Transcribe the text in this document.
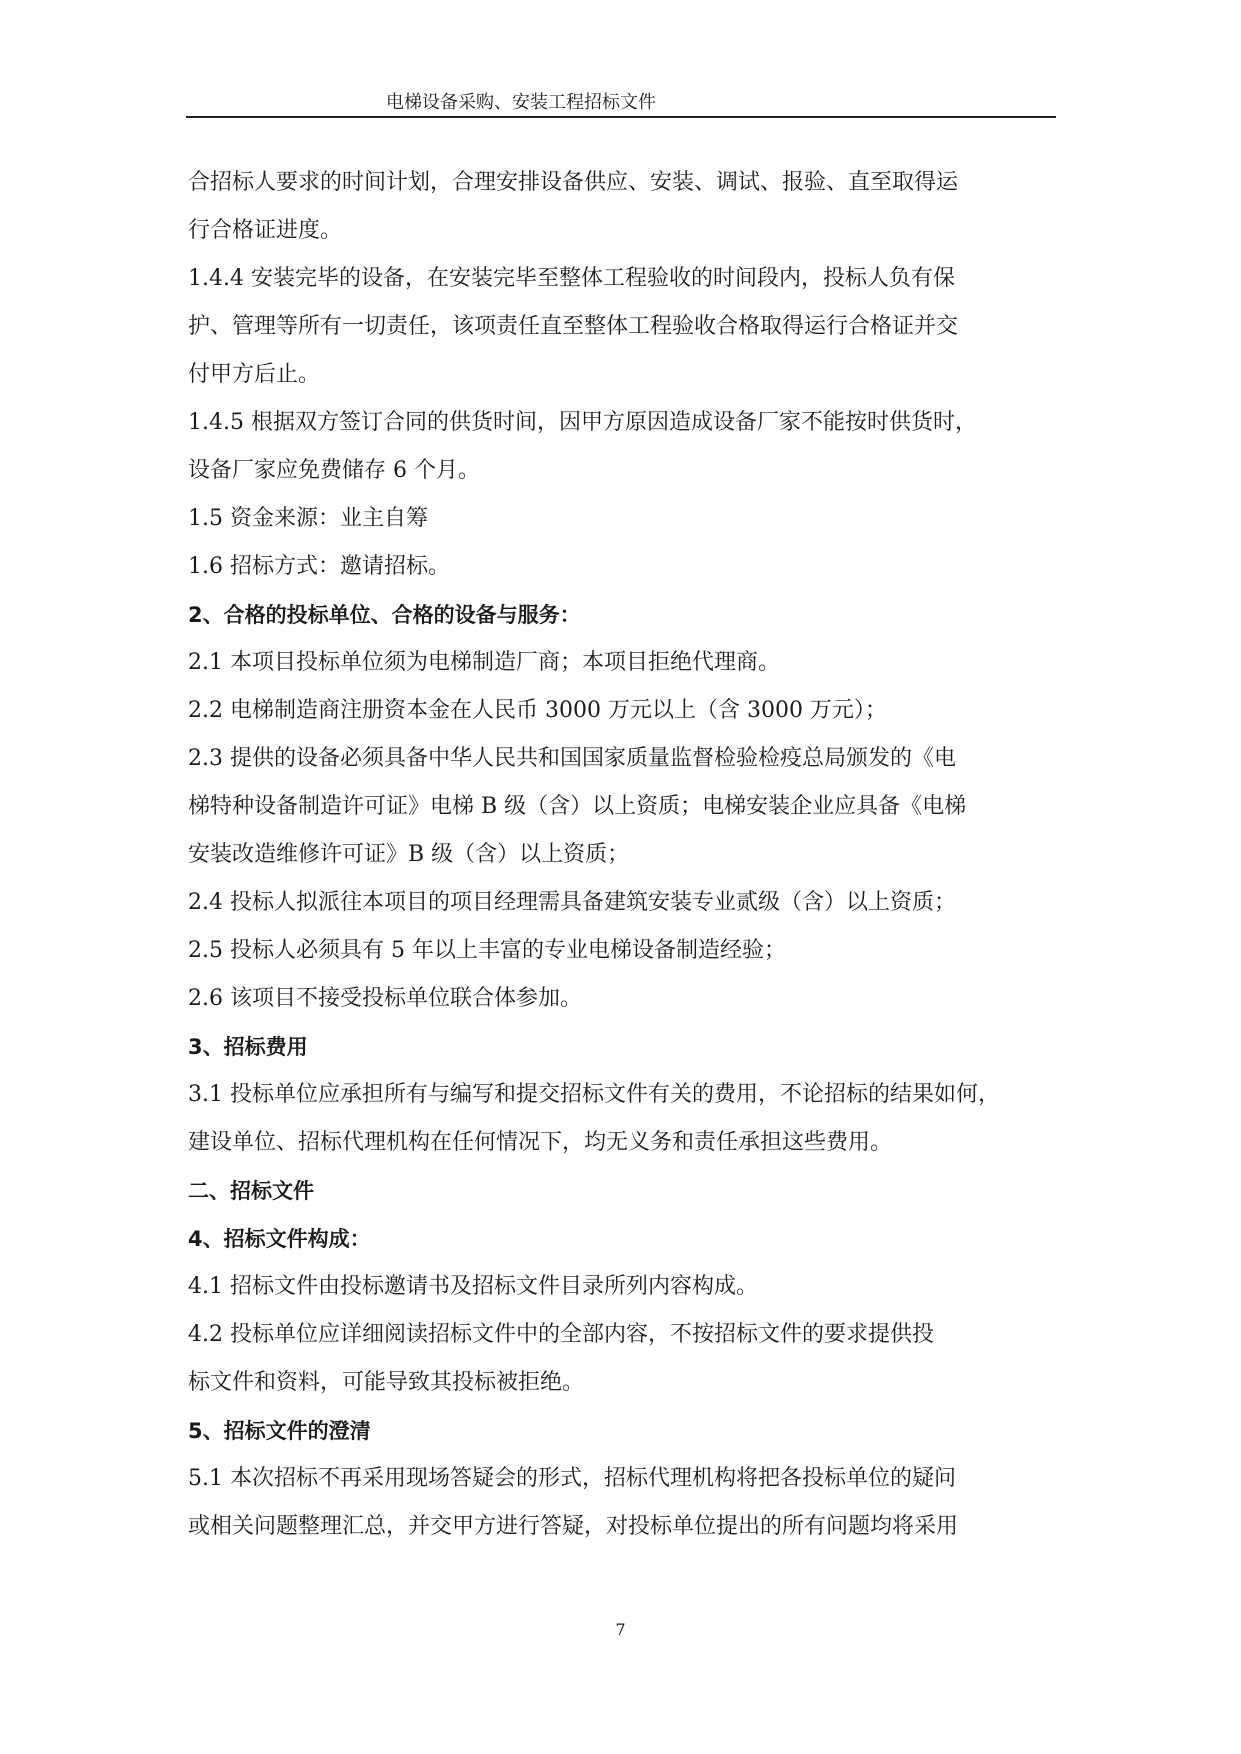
电梯设备采购、安装工程招标文件
合招标人要求的时间计划，合理安排设备供应、安装、调试、报验、直至取得运
行合格证进度。
1.4.4 安装完毕的设备，在安装完毕至整体工程验收的时间段内，投标人负有保
护、管理等所有一切责任，该项责任直至整体工程验收合格取得运行合格证并交
付甲方后止。
1.4.5 根据双方签订合同的供货时间，因甲方原因造成设备厂家不能按时供货时，
设备厂家应免费储存 6 个月。
1.5 资金来源：业主自筹
1.6 招标方式：邀请招标。
2、合格的投标单位、合格的设备与服务：
2.1 本项目投标单位须为电梯制造厂商；本项目拒绝代理商。
2.2 电梯制造商注册资本金在人民币 3000 万元以上（含 3000 万元）；
2.3 提供的设备必须具备中华人民共和国国家质量监督检验检疫总局颁发的《电
梯特种设备制造许可证》电梯 B 级（含）以上资质；电梯安装企业应具备《电梯
安装改造维修许可证》B 级（含）以上资质；
2.4 投标人拟派往本项目的项目经理需具备建筑安装专业贰级（含）以上资质；
2.5 投标人必须具有 5 年以上丰富的专业电梯设备制造经验；
2.6 该项目不接受投标单位联合体参加。
3、招标费用
3.1 投标单位应承担所有与编写和提交招标文件有关的费用，不论招标的结果如何，
建设单位、招标代理机构在任何情况下，均无义务和责任承担这些费用。
二、招标文件
4、招标文件构成：
4.1 招标文件由投标邀请书及招标文件目录所列内容构成。
4.2 投标单位应详细阅读招标文件中的全部内容，不按招标文件的要求提供投
标文件和资料，可能导致其投标被拒绝。
5、招标文件的澄清
5.1 本次招标不再采用现场答疑会的形式，招标代理机构将把各投标单位的疑问
或相关问题整理汇总，并交甲方进行答疑，对投标单位提出的所有问题均将采用
7
